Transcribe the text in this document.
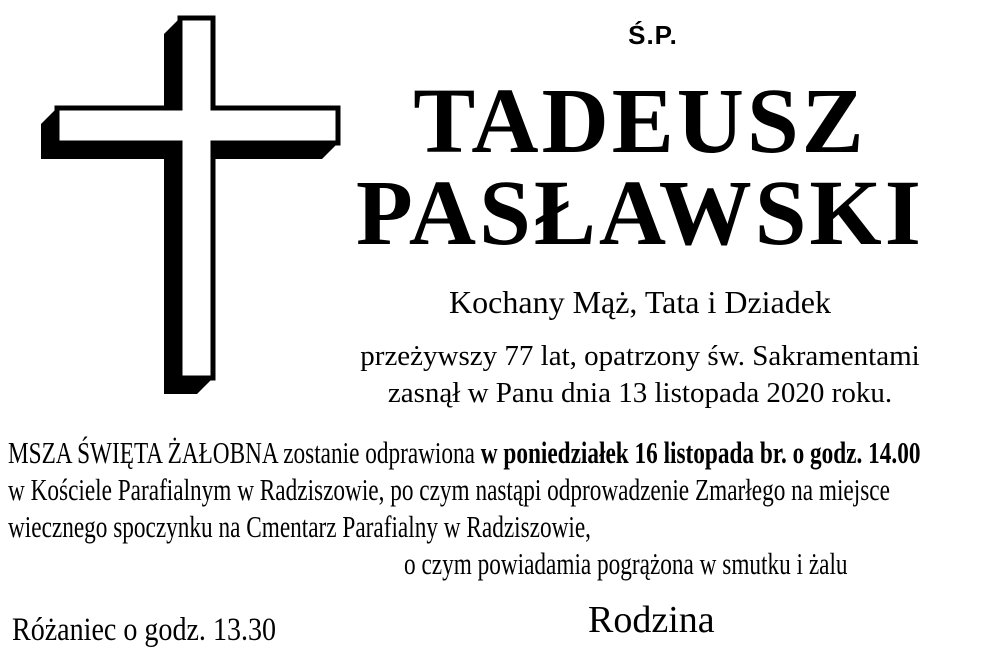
Ś.P.
TADEUSZ
PASŁAWSKI
Kochany Mąż, Tata i Dziadek
przeżywszy 77 lat, opatrzony św. Sakramentami
zasnął w Panu dnia 13 listopada 2020 roku.
MSZA ŚWIĘTA ŻAŁOBNA zostanie odprawiona w poniedziałek 16 listopada br. o godz. 14.00
w Kościele Parafialnym w Radziszowie, po czym nastąpi odprowadzenie Zmarłego na miejsce
wiecznego spoczynku na Cmentarz Parafialny w Radziszowie,
o czym powiadamia pogrążona w smutku i żalu
Różaniec o godz. 13.30	Rodzina
